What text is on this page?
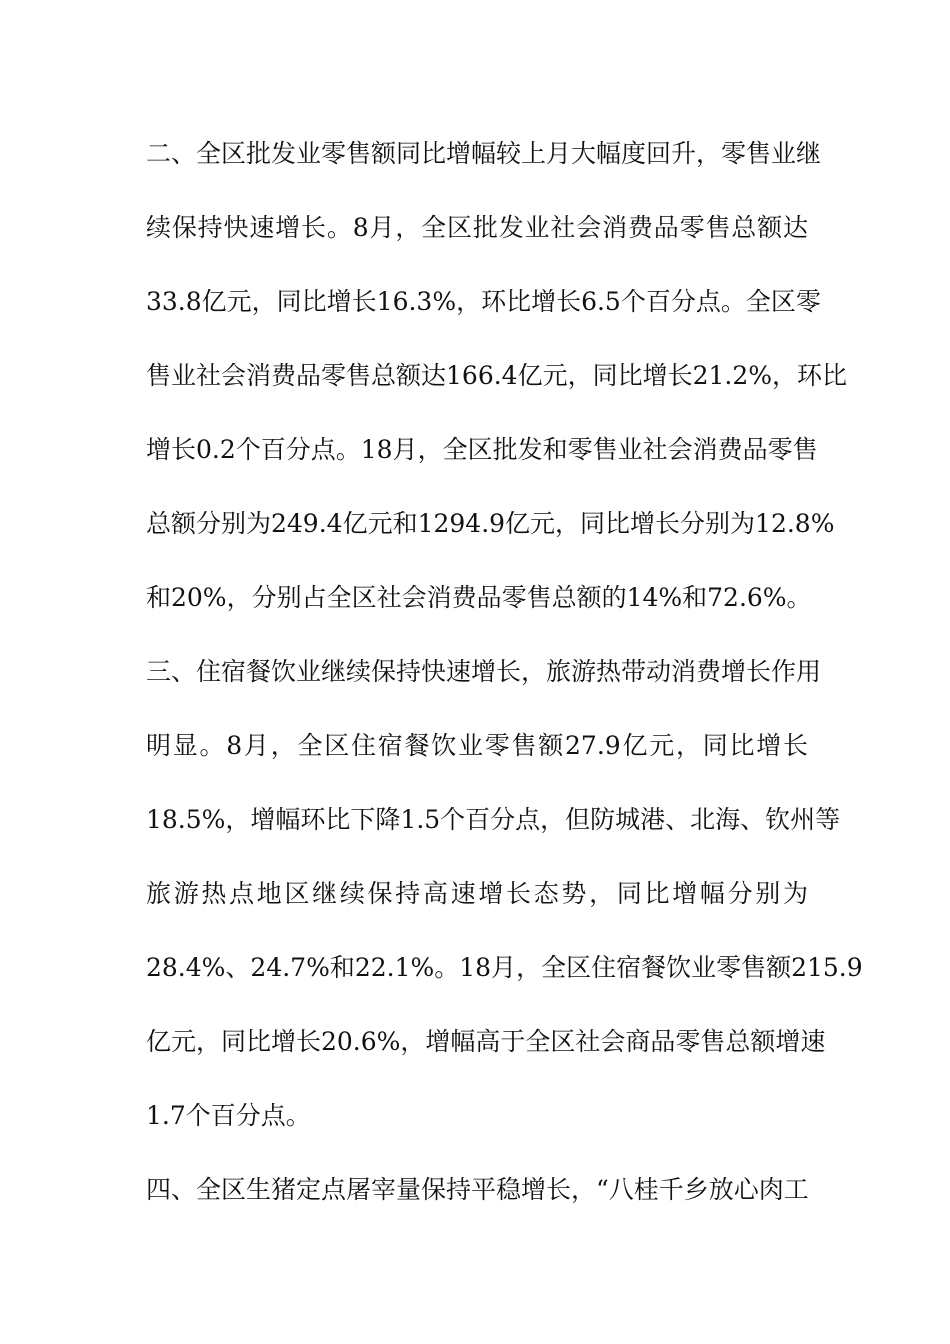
二、全区批发业零售额同比增幅较上月大幅度回升，零售业继
续保持快速增长。8月，全区批发业社会消费品零售总额达
33.8亿元，同比增长16.3%，环比增长6.5个百分点。全区零
售业社会消费品零售总额达166.4亿元，同比增长21.2%，环比
增长0.2个百分点。18月，全区批发和零售业社会消费品零售
总额分别为249.4亿元和1294.9亿元，同比增长分别为12.8%
和20%，分别占全区社会消费品零售总额的14%和72.6%。
三、住宿餐饮业继续保持快速增长，旅游热带动消费增长作用
明显。8月，全区住宿餐饮业零售额27.9亿元，同比增长
18.5%，增幅环比下降1.5个百分点，但防城港、北海、钦州等
旅游热点地区继续保持高速增长态势，同比增幅分别为
28.4%、24.7%和22.1%。18月，全区住宿餐饮业零售额215.9
亿元，同比增长20.6%，增幅高于全区社会商品零售总额增速
1.7个百分点。
四、全区生猪定点屠宰量保持平稳增长，“八桂千乡放心肉工
